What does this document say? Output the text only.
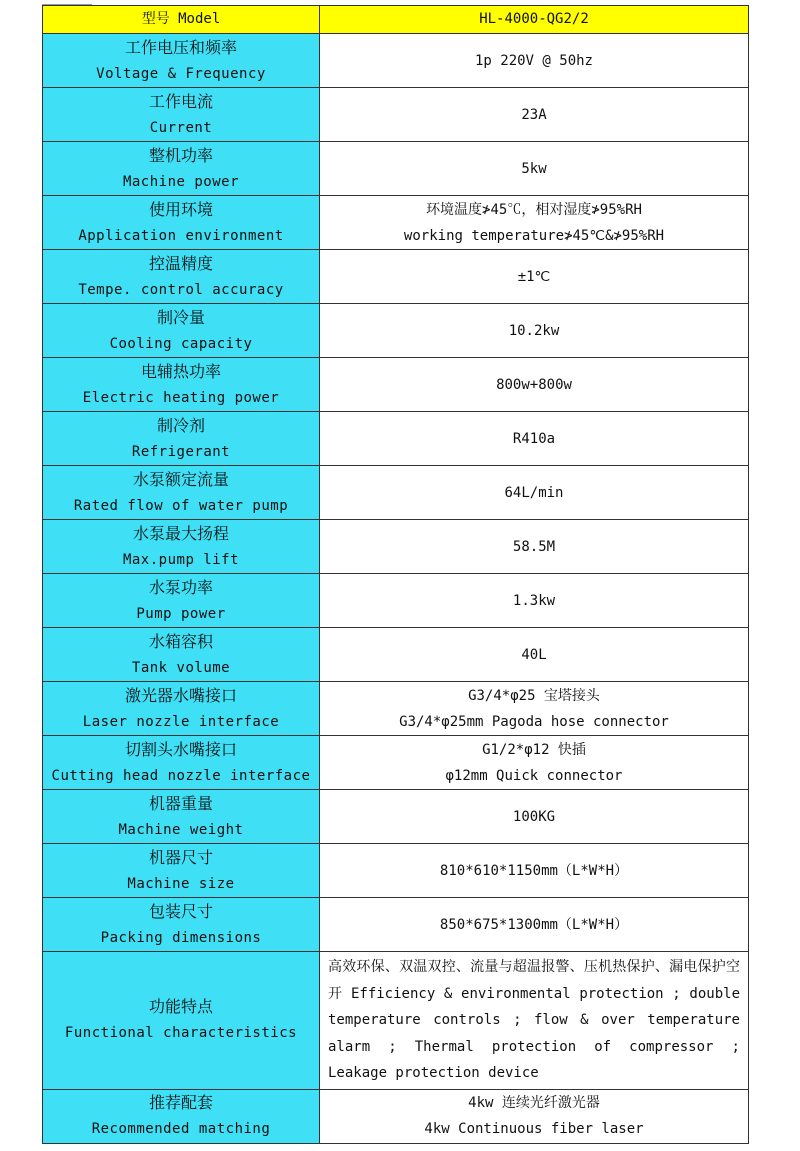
型号 Model	HL-4000-QG2/2

工作电压和频率
Voltage & Frequency	1p 220V @ 50hz

工作电流
Current	23A

整机功率
Machine power	5kw

使用环境
Application environment	环境温度≯45℃，相对湿度≯95%RH
working temperature≯45℃&≯95%RH

控温精度
Tempe. control accuracy	±1℃

制冷量
Cooling capacity	10.2kw

电辅热功率
Electric heating power	800w+800w

制冷剂
Refrigerant	R410a

水泵额定流量
Rated flow of water pump	64L/min

水泵最大扬程
Max.pump lift	58.5M

水泵功率
Pump power	1.3kw

水箱容积
Tank volume	40L

激光器水嘴接口
Laser nozzle interface	G3/4*φ25 宝塔接头
G3/4*φ25mm Pagoda hose connector

切割头水嘴接口
Cutting head nozzle interface	G1/2*φ12 快插
φ12mm Quick connector

机器重量
Machine weight	100KG

机器尺寸
Machine size	810*610*1150mm（L*W*H）

包装尺寸
Packing dimensions	850*675*1300mm（L*W*H）

功能特点
Functional characteristics	高效环保、双温双控、流量与超温报警、压机热保护、漏电保护空开 Efficiency & environmental protection ; double temperature controls ; flow & over temperature alarm ; Thermal protection of compressor ; Leakage protection device

推荐配套
Recommended matching	4kw 连续光纤激光器
4kw Continuous fiber laser
